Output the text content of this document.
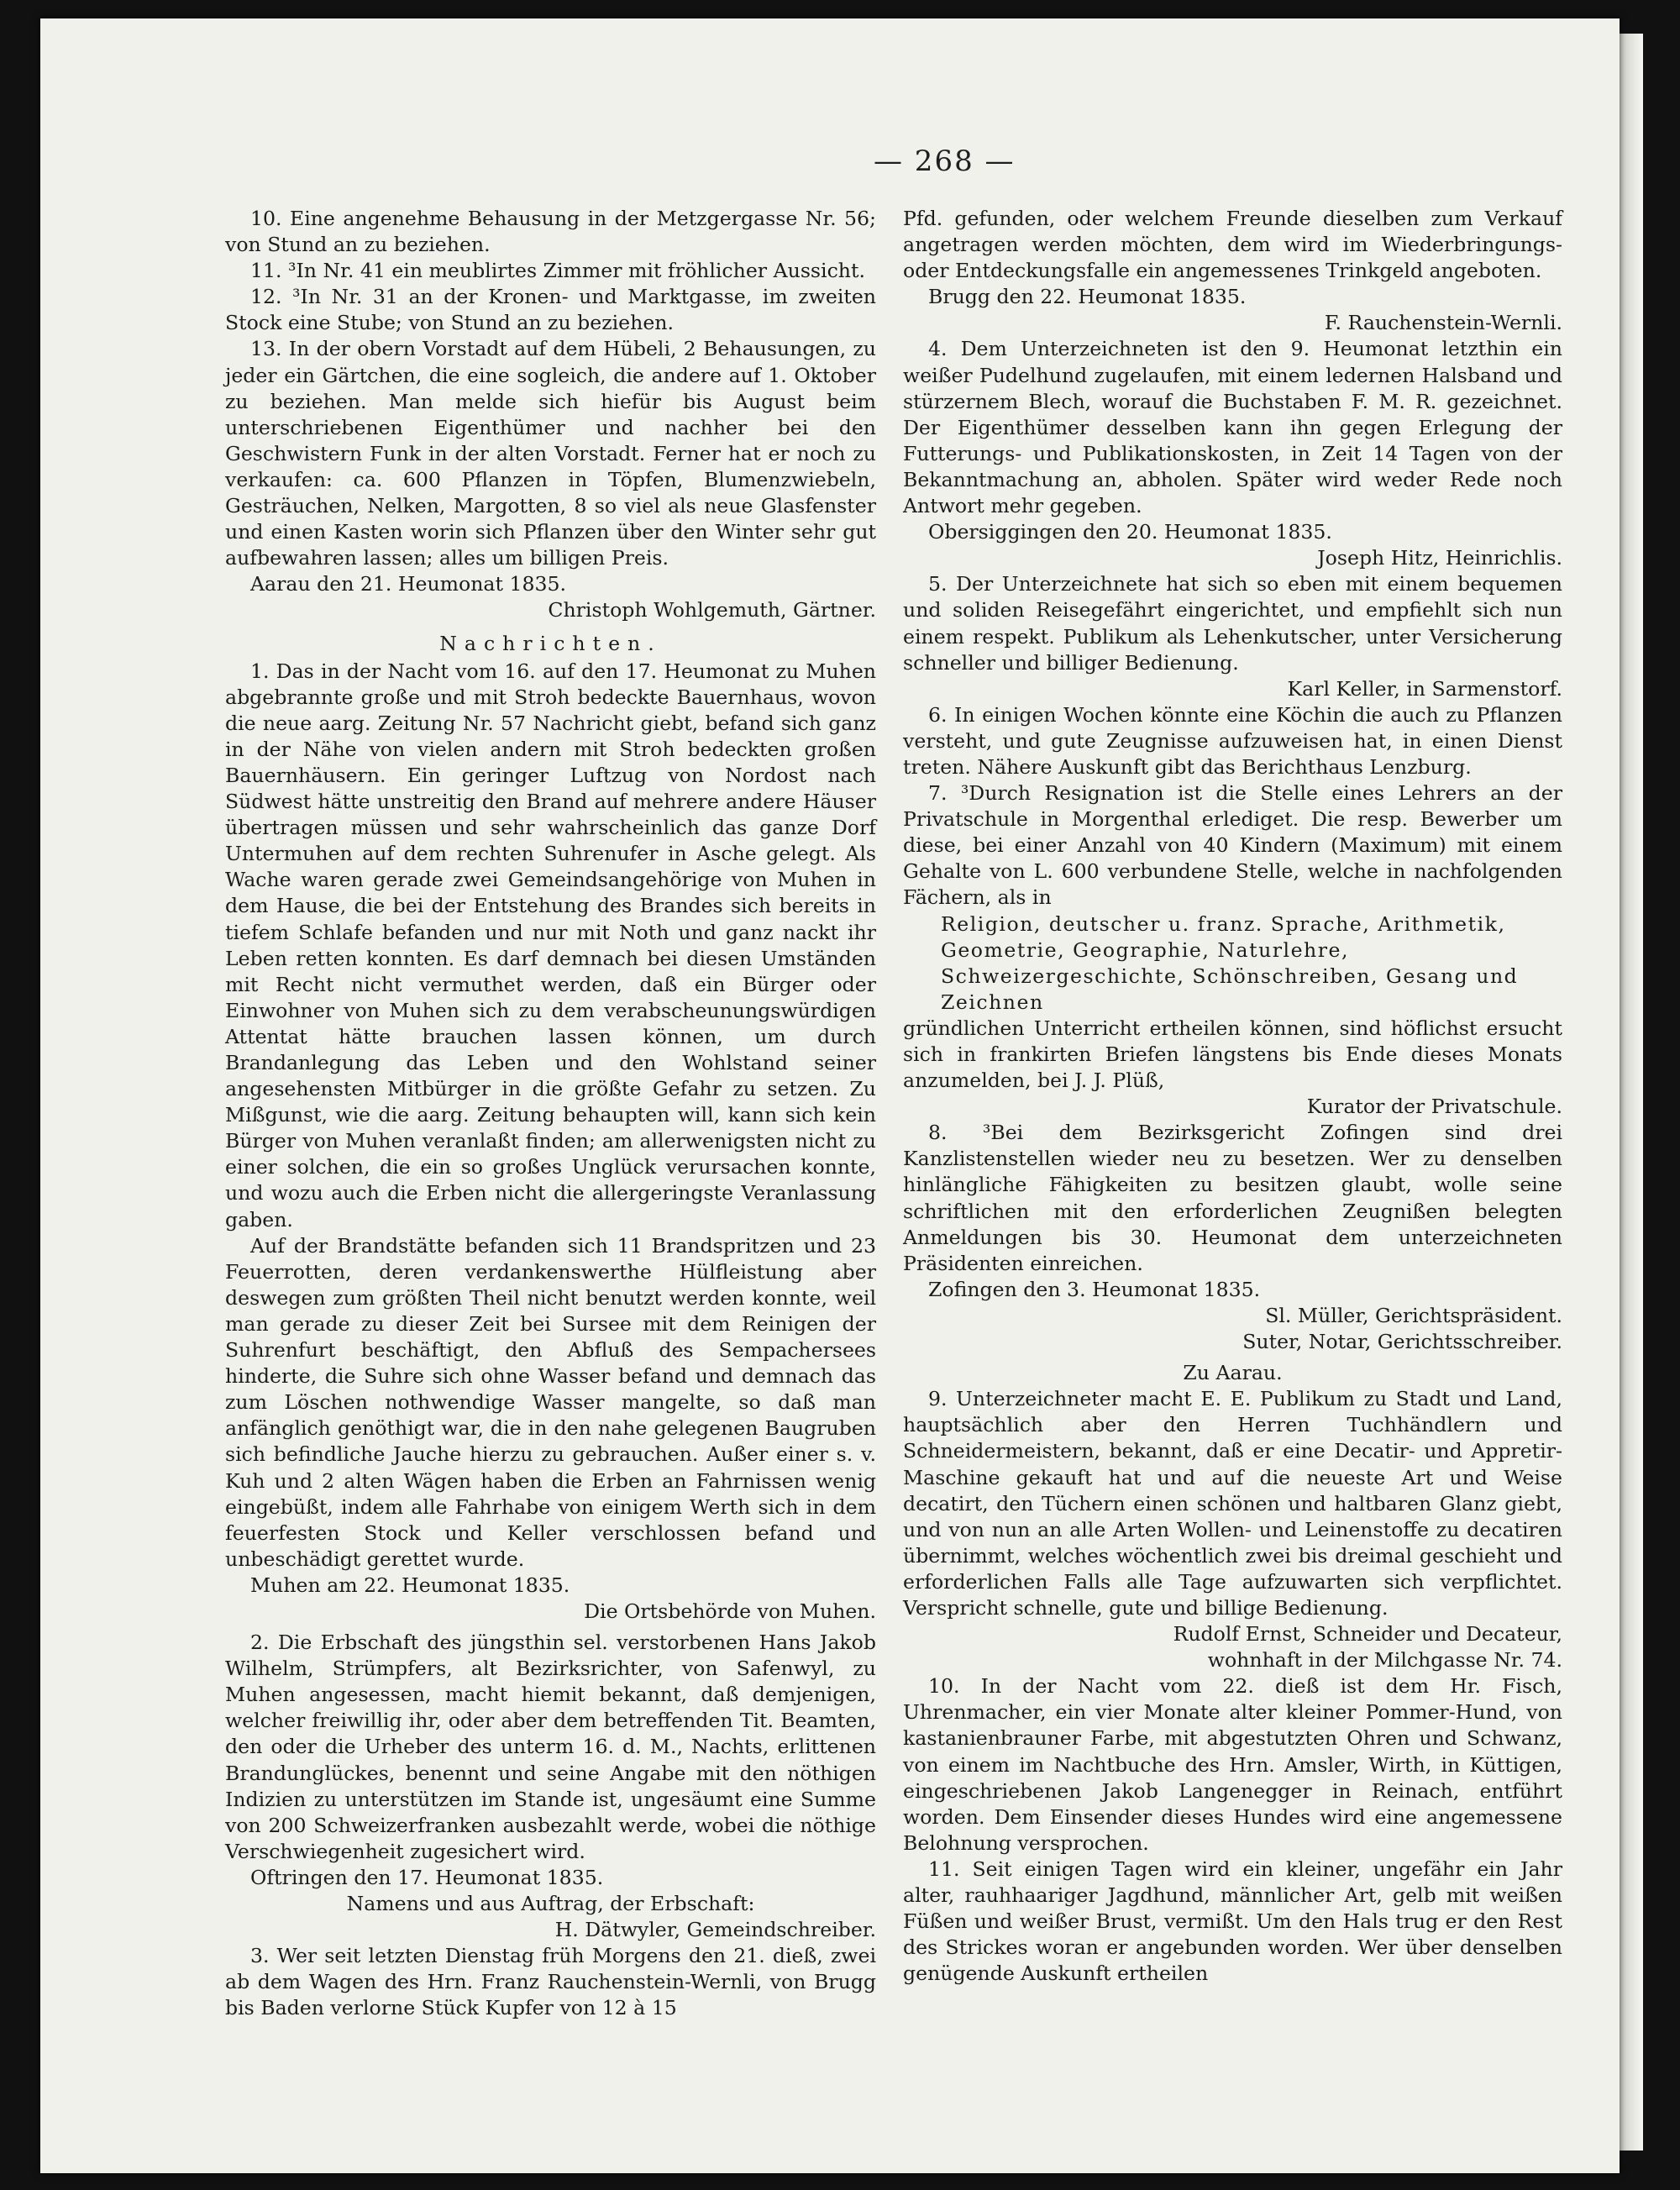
— 268 —

10. Eine angenehme Behausung in der Metzgergasse Nr. 56; von Stund an zu beziehen.

11. ³In Nr. 41 ein meublirtes Zimmer mit fröhlicher Aussicht.

12. ³In Nr. 31 an der Kronen- und Marktgasse, im zweiten Stock eine Stube; von Stund an zu beziehen.

13. In der obern Vorstadt auf dem Hübeli, 2 Behausungen, zu jeder ein Gärtchen, die eine sogleich, die andere auf 1. Oktober zu beziehen. Man melde sich hiefür bis August beim unterschriebenen Eigenthümer und nachher bei den Geschwistern Funk in der alten Vorstadt. Ferner hat er noch zu verkaufen: ca. 600 Pflanzen in Töpfen, Blumenzwiebeln, Gesträuchen, Nelken, Margotten, 8 so viel als neue Glasfenster und einen Kasten worin sich Pflanzen über den Winter sehr gut aufbewahren lassen; alles um billigen Preis.

Aarau den 21. Heumonat 1835.

Christoph Wohlgemuth, Gärtner.

Nachrichten.

1. Das in der Nacht vom 16. auf den 17. Heumonat zu Muhen abgebrannte große und mit Stroh bedeckte Bauernhaus, wovon die neue aarg. Zeitung Nr. 57 Nachricht giebt, befand sich ganz in der Nähe von vielen andern mit Stroh bedeckten großen Bauernhäusern. Ein geringer Luftzug von Nordost nach Südwest hätte unstreitig den Brand auf mehrere andere Häuser übertragen müssen und sehr wahrscheinlich das ganze Dorf Untermuhen auf dem rechten Suhrenufer in Asche gelegt. Als Wache waren gerade zwei Gemeindsangehörige von Muhen in dem Hause, die bei der Entstehung des Brandes sich bereits in tiefem Schlafe befanden und nur mit Noth und ganz nackt ihr Leben retten konnten. Es darf demnach bei diesen Umständen mit Recht nicht vermuthet werden, daß ein Bürger oder Einwohner von Muhen sich zu dem verabscheunungswürdigen Attentat hätte brauchen lassen können, um durch Brandanlegung das Leben und den Wohlstand seiner angesehensten Mitbürger in die größte Gefahr zu setzen. Zu Mißgunst, wie die aarg. Zeitung behaupten will, kann sich kein Bürger von Muhen veranlaßt finden; am allerwenigsten nicht zu einer solchen, die ein so großes Unglück verursachen konnte, und wozu auch die Erben nicht die allergeringste Veranlassung gaben.

Auf der Brandstätte befanden sich 11 Brandspritzen und 23 Feuerrotten, deren verdankenswerthe Hülfleistung aber deswegen zum größten Theil nicht benutzt werden konnte, weil man gerade zu dieser Zeit bei Sursee mit dem Reinigen der Suhrenfurt beschäftigt, den Abfluß des Sempachersees hinderte, die Suhre sich ohne Wasser befand und demnach das zum Löschen nothwendige Wasser mangelte, so daß man anfänglich genöthigt war, die in den nahe gelegenen Baugruben sich befindliche Jauche hierzu zu gebrauchen. Außer einer s. v. Kuh und 2 alten Wägen haben die Erben an Fahrnissen wenig eingebüßt, indem alle Fahrhabe von einigem Werth sich in dem feuerfesten Stock und Keller verschlossen befand und unbeschädigt gerettet wurde.

Muhen am 22. Heumonat 1835.

Die Ortsbehörde von Muhen.

2. Die Erbschaft des jüngsthin sel. verstorbenen Hans Jakob Wilhelm, Strümpfers, alt Bezirksrichter, von Safenwyl, zu Muhen angesessen, macht hiemit bekannt, daß demjenigen, welcher freiwillig ihr, oder aber dem betreffenden Tit. Beamten, den oder die Urheber des unterm 16. d. M., Nachts, erlittenen Brandunglückes, benennt und seine Angabe mit den nöthigen Indizien zu unterstützen im Stande ist, ungesäumt eine Summe von 200 Schweizerfranken ausbezahlt werde, wobei die nöthige Verschwiegenheit zugesichert wird.

Oftringen den 17. Heumonat 1835.

Namens und aus Auftrag, der Erbschaft:

H. Dätwyler, Gemeindschreiber.

3. Wer seit letzten Dienstag früh Morgens den 21. dieß, zwei ab dem Wagen des Hrn. Franz Rauchenstein-Wernli, von Brugg bis Baden verlorne Stück Kupfer von 12 à 15

Pfd. gefunden, oder welchem Freunde dieselben zum Verkauf angetragen werden möchten, dem wird im Wiederbringungs- oder Entdeckungsfalle ein angemessenes Trinkgeld angeboten.

Brugg den 22. Heumonat 1835.

F. Rauchenstein-Wernli.

4. Dem Unterzeichneten ist den 9. Heumonat letzthin ein weißer Pudelhund zugelaufen, mit einem ledernen Halsband und stürzernem Blech, worauf die Buchstaben F. M. R. gezeichnet. Der Eigenthümer desselben kann ihn gegen Erlegung der Futterungs- und Publikationskosten, in Zeit 14 Tagen von der Bekanntmachung an, abholen. Später wird weder Rede noch Antwort mehr gegeben.

Obersiggingen den 20. Heumonat 1835.

Joseph Hitz, Heinrichlis.

5. Der Unterzeichnete hat sich so eben mit einem bequemen und soliden Reisegefährt eingerichtet, und empfiehlt sich nun einem respekt. Publikum als Lehenkutscher, unter Versicherung schneller und billiger Bedienung.

Karl Keller, in Sarmenstorf.

6. In einigen Wochen könnte eine Köchin die auch zu Pflanzen versteht, und gute Zeugnisse aufzuweisen hat, in einen Dienst treten. Nähere Auskunft gibt das Berichthaus Lenzburg.

7. ³Durch Resignation ist die Stelle eines Lehrers an der Privatschule in Morgenthal erlediget. Die resp. Bewerber um diese, bei einer Anzahl von 40 Kindern (Maximum) mit einem Gehalte von L. 600 verbundene Stelle, welche in nachfolgenden Fächern, als in

Religion, deutscher u. franz. Sprache, Arithmetik, Geometrie, Geographie, Naturlehre, Schweizergeschichte, Schönschreiben, Gesang und Zeichnen

gründlichen Unterricht ertheilen können, sind höflichst ersucht sich in frankirten Briefen längstens bis Ende dieses Monats anzumelden, bei J. J. Plüß,

Kurator der Privatschule.

8. ³Bei dem Bezirksgericht Zofingen sind drei Kanzlistenstellen wieder neu zu besetzen. Wer zu denselben hinlängliche Fähigkeiten zu besitzen glaubt, wolle seine schriftlichen mit den erforderlichen Zeugnißen belegten Anmeldungen bis 30. Heumonat dem unterzeichneten Präsidenten einreichen.

Zofingen den 3. Heumonat 1835.

Sl. Müller, Gerichtspräsident.

Suter, Notar, Gerichtsschreiber.

Zu Aarau.

9. Unterzeichneter macht E. E. Publikum zu Stadt und Land, hauptsächlich aber den Herren Tuchhändlern und Schneidermeistern, bekannt, daß er eine Decatir- und Appretir-Maschine gekauft hat und auf die neueste Art und Weise decatirt, den Tüchern einen schönen und haltbaren Glanz giebt, und von nun an alle Arten Wollen- und Leinenstoffe zu decatiren übernimmt, welches wöchentlich zwei bis dreimal geschieht und erforderlichen Falls alle Tage aufzuwarten sich verpflichtet. Verspricht schnelle, gute und billige Bedienung.

Rudolf Ernst, Schneider und Decateur,

wohnhaft in der Milchgasse Nr. 74.

10. In der Nacht vom 22. dieß ist dem Hr. Fisch, Uhrenmacher, ein vier Monate alter kleiner Pommer-Hund, von kastanienbrauner Farbe, mit abgestutzten Ohren und Schwanz, von einem im Nachtbuche des Hrn. Amsler, Wirth, in Küttigen, eingeschriebenen Jakob Langenegger in Reinach, entführt worden. Dem Einsender dieses Hundes wird eine angemessene Belohnung versprochen.

11. Seit einigen Tagen wird ein kleiner, ungefähr ein Jahr alter, rauhhaariger Jagdhund, männlicher Art, gelb mit weißen Füßen und weißer Brust, vermißt. Um den Hals trug er den Rest des Strickes woran er angebunden worden. Wer über denselben genügende Auskunft ertheilen
